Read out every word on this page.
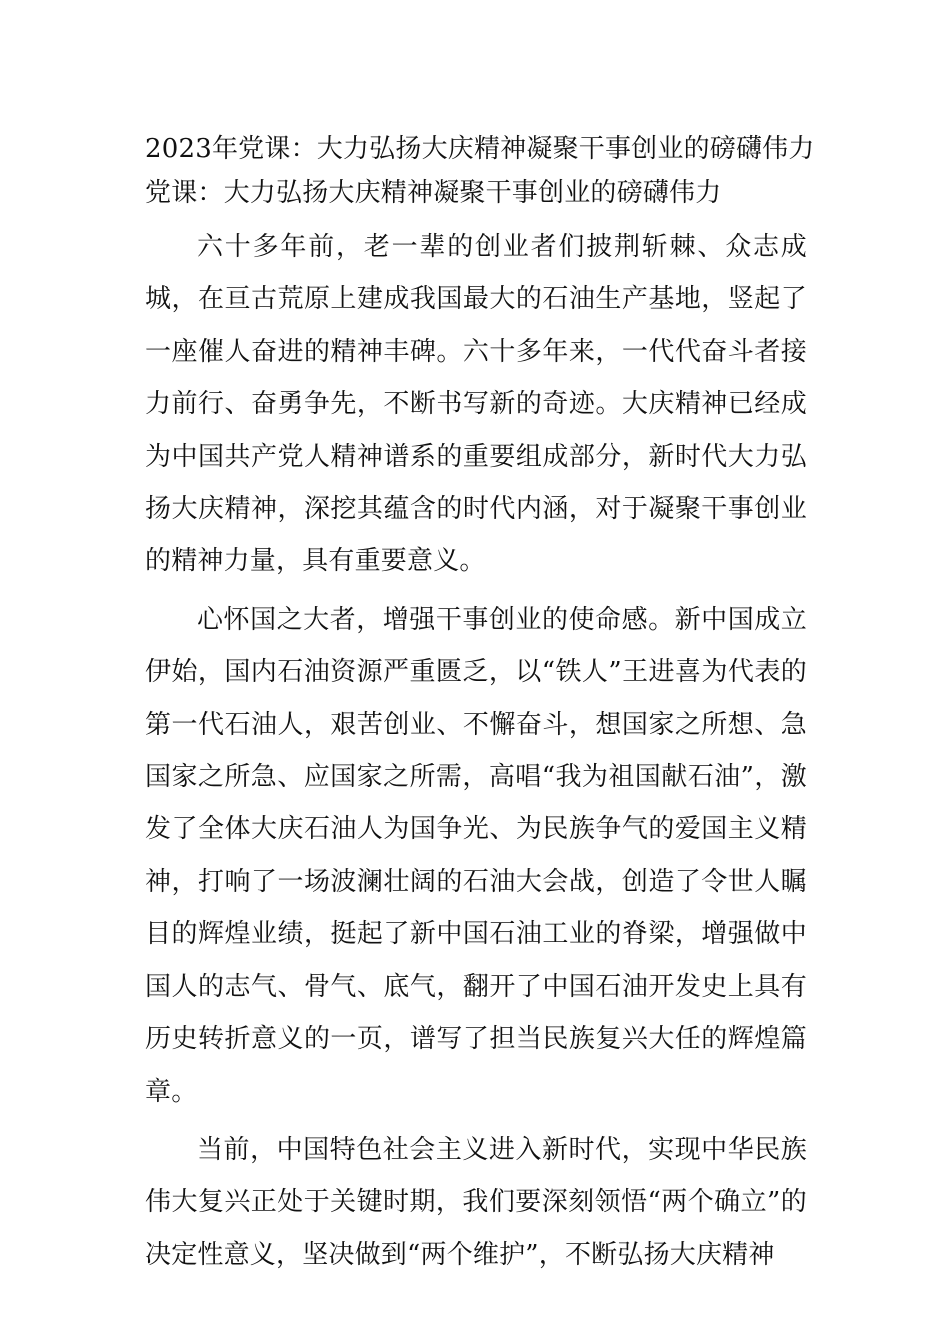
2023年党课：大力弘扬大庆精神凝聚干事创业的磅礴伟力
党课：大力弘扬大庆精神凝聚干事创业的磅礴伟力

六十多年前，老一辈的创业者们披荆斩棘、众志成城，在亘古荒原上建成我国最大的石油生产基地，竖起了一座催人奋进的精神丰碑。六十多年来，一代代奋斗者接力前行、奋勇争先，不断书写新的奇迹。大庆精神已经成为中国共产党人精神谱系的重要组成部分，新时代大力弘扬大庆精神，深挖其蕴含的时代内涵，对于凝聚干事创业的精神力量，具有重要意义。

心怀国之大者，增强干事创业的使命感。新中国成立伊始，国内石油资源严重匮乏，以“铁人”王进喜为代表的第一代石油人，艰苦创业、不懈奋斗，想国家之所想、急国家之所急、应国家之所需，高唱“我为祖国献石油”，激发了全体大庆石油人为国争光、为民族争气的爱国主义精神，打响了一场波澜壮阔的石油大会战，创造了令世人瞩目的辉煌业绩，挺起了新中国石油工业的脊梁，增强做中国人的志气、骨气、底气，翻开了中国石油开发史上具有历史转折意义的一页，谱写了担当民族复兴大任的辉煌篇章。

当前，中国特色社会主义进入新时代，实现中华民族伟大复兴正处于关键时期，我们要深刻领悟“两个确立”的决定性意义，坚决做到“两个维护”，不断弘扬大庆精神
